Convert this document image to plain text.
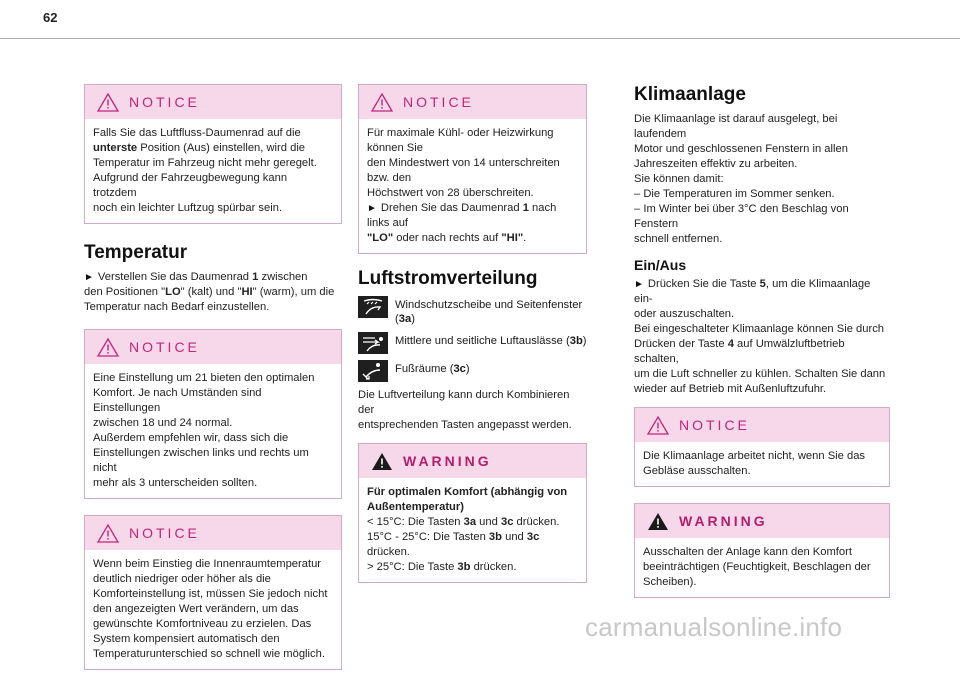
62
NOTICE
Falls Sie das Luftfluss-Daumenrad auf die
unterste Position (Aus) einstellen, wird die
Temperatur im Fahrzeug nicht mehr geregelt.
Aufgrund der Fahrzeugbewegung kann trotzdem
noch ein leichter Luftzug spürbar sein.
Temperatur
► Verstellen Sie das Daumenrad 1 zwischen
den Positionen "LO" (kalt) und "HI" (warm), um die
Temperatur nach Bedarf einzustellen.
NOTICE
Eine Einstellung um 21 bieten den optimalen
Komfort. Je nach Umständen sind Einstellungen
zwischen 18 und 24 normal.
Außerdem empfehlen wir, dass sich die
Einstellungen zwischen links und rechts um nicht
mehr als 3 unterscheiden sollten.
NOTICE
Wenn beim Einstieg die Innenraumtemperatur
deutlich niedriger oder höher als die
Komforteinstellung ist, müssen Sie jedoch nicht
den angezeigten Wert verändern, um das
gewünschte Komfortniveau zu erzielen. Das
System kompensiert automatisch den
Temperaturunterschied so schnell wie möglich.
NOTICE
Für maximale Kühl- oder Heizwirkung können Sie
den Mindestwert von 14 unterschreiten bzw. den
Höchstwert von 28 überschreiten.
► Drehen Sie das Daumenrad 1 nach links auf
"LO" oder nach rechts auf "HI".
Luftstromverteilung
Windschutzscheibe und Seitenfenster (3a)
Mittlere und seitliche Luftauslässe (3b)
Fußräume (3c)
Die Luftverteilung kann durch Kombinieren der
entsprechenden Tasten angepasst werden.
WARNING
Für optimalen Komfort (abhängig von
Außentemperatur)
< 15°C: Die Tasten 3a und 3c drücken.
15°C - 25°C: Die Tasten 3b und 3c drücken.
> 25°C: Die Taste 3b drücken.
Klimaanlage
Die Klimaanlage ist darauf ausgelegt, bei laufendem
Motor und geschlossenen Fenstern in allen
Jahreszeiten effektiv zu arbeiten.
Sie können damit:
– Die Temperaturen im Sommer senken.
– Im Winter bei über 3°C den Beschlag von Fenstern
schnell entfernen.
Ein/Aus
► Drücken Sie die Taste 5, um die Klimaanlage ein-
oder auszuschalten.
Bei eingeschalteter Klimaanlage können Sie durch
Drücken der Taste 4 auf Umwälzluftbetrieb schalten,
um die Luft schneller zu kühlen. Schalten Sie dann
wieder auf Betrieb mit Außenluftzufuhr.
NOTICE
Die Klimaanlage arbeitet nicht, wenn Sie das
Gebläse ausschalten.
WARNING
Ausschalten der Anlage kann den Komfort
beeinträchtigen (Feuchtigkeit, Beschlagen der
Scheiben).
carmanualsonline.info
